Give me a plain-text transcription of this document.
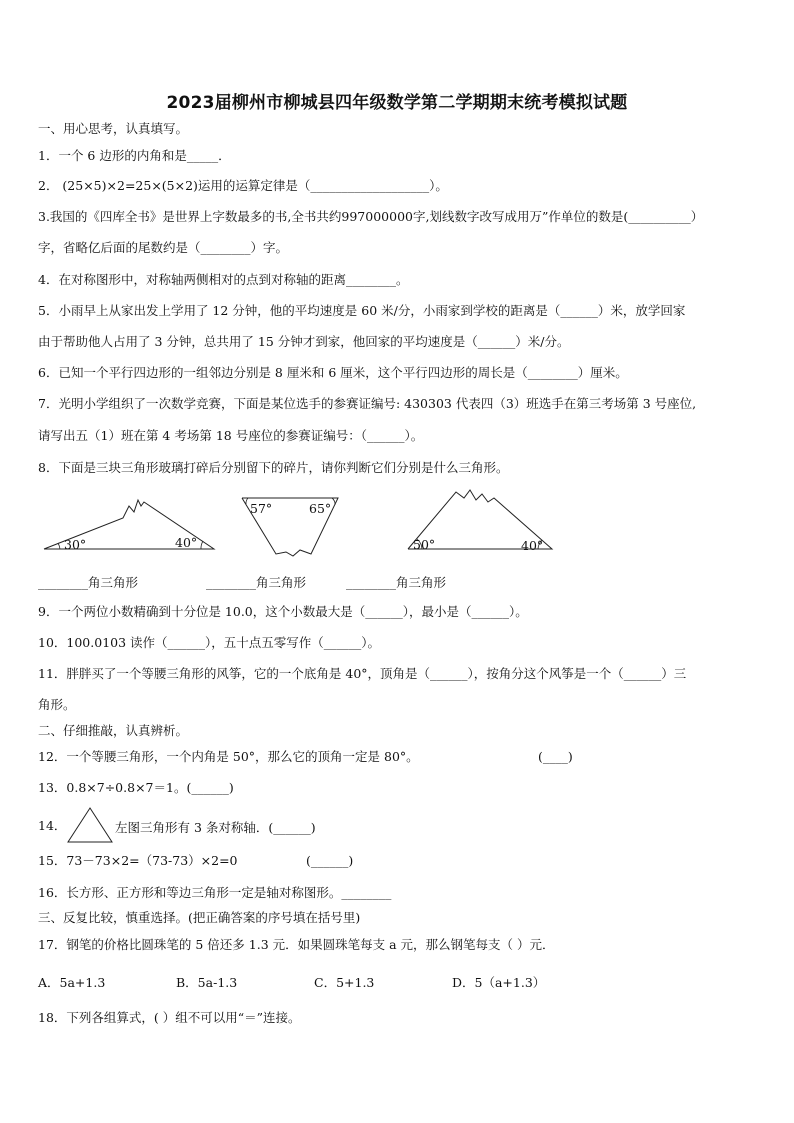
2023届柳州市柳城县四年级数学第二学期期末统考模拟试题
一、用心思考，认真填写。
1．一个 6 边形的内角和是_____．
2． (25×5)×2=25×(5×2)运用的运算定律是（___________________）。
3.我国的《四库全书》是世界上字数最多的书,全书共约997000000字,划线数字改写成用万”作单位的数是(__________）
字，省略亿后面的尾数约是（________）字。
4．在对称图形中，对称轴两侧相对的点到对称轴的距离________。
5．小雨早上从家出发上学用了 12 分钟，他的平均速度是 60 米/分，小雨家到学校的距离是（______）米，放学回家
由于帮助他人占用了 3 分钟，总共用了 15 分钟才到家，他回家的平均速度是（______）米/分。
6．已知一个平行四边形的一组邻边分别是 8 厘米和 6 厘米，这个平行四边形的周长是（________）厘米。
7．光明小学组织了一次数学竞赛，下面是某位选手的参赛证编号: 430303 代表四（3）班选手在第三考场第 3 号座位,
请写出五（1）班在第 4 考场第 18 号座位的参赛证编号：（______）。
8．下面是三块三角形玻璃打碎后分别留下的碎片，请你判断它们分别是什么三角形。
30°	40°
57°	65°
50°	40°
________角三角形	________角三角形	________角三角形
9．一个两位小数精确到十分位是 10.0，这个小数最大是（______），最小是（______）。
10．100.0103 读作（______），五十点五零写作（______）。
11．胖胖买了一个等腰三角形的风筝，它的一个底角是 40°，顶角是（______），按角分这个风筝是一个（______）三
角形。
二、仔细推敲，认真辨析。
12．一个等腰三角形，一个内角是 50°，那么它的顶角一定是 80°。	(____)
13．0.8×7÷0.8×7＝1。(______)
14．	左图三角形有 3 条对称轴．(______)
15．73－73×2=（73-73）×2=0	(______)
16．长方形、正方形和等边三角形一定是轴对称图形。________
三、反复比较，慎重选择。(把正确答案的序号填在括号里)
17．钢笔的价格比圆珠笔的 5 倍还多 1.3 元．如果圆珠笔每支 a 元，那么钢笔每支（ ）元．
A．5a+1.3	B．5a-1.3	C．5+1.3	D．5（a+1.3）
18．下列各组算式，( ）组不可以用“＝”连接。
